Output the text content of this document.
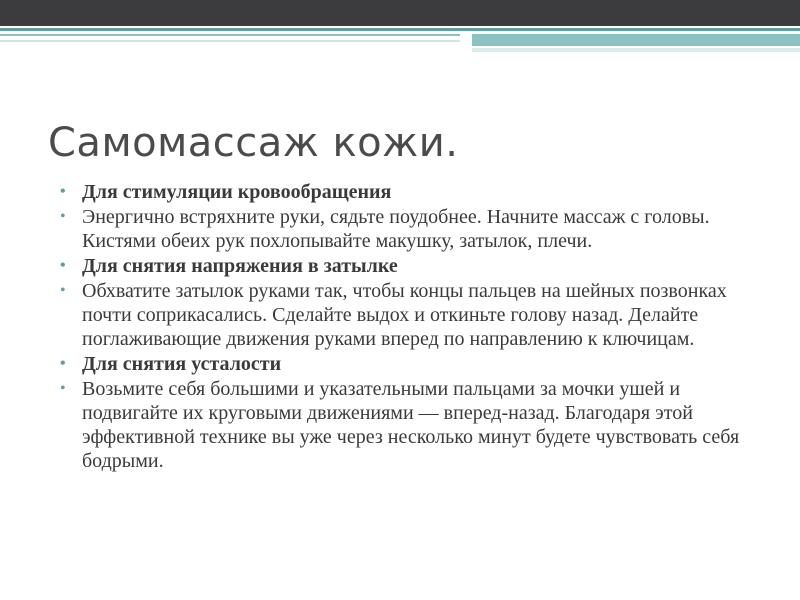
Самомассаж кожи.
• Для стимуляции кровообращения
• Энергично встряхните руки, сядьте поудобнее. Начните массаж с головы. Кистями обеих рук похлопывайте макушку, затылок, плечи.
• Для снятия напряжения в затылке
• Обхватите затылок руками так, чтобы концы пальцев на шейных позвонках почти соприкасались. Сделайте выдох и откиньте голову назад. Делайте поглаживающие движения руками вперед по направлению к ключицам.
• Для снятия усталости
• Возьмите себя большими и указательными пальцами за мочки ушей и подвигайте их круговыми движениями — вперед-назад. Благодаря этой эффективной технике вы уже через несколько минут будете чувствовать себя бодрыми.
